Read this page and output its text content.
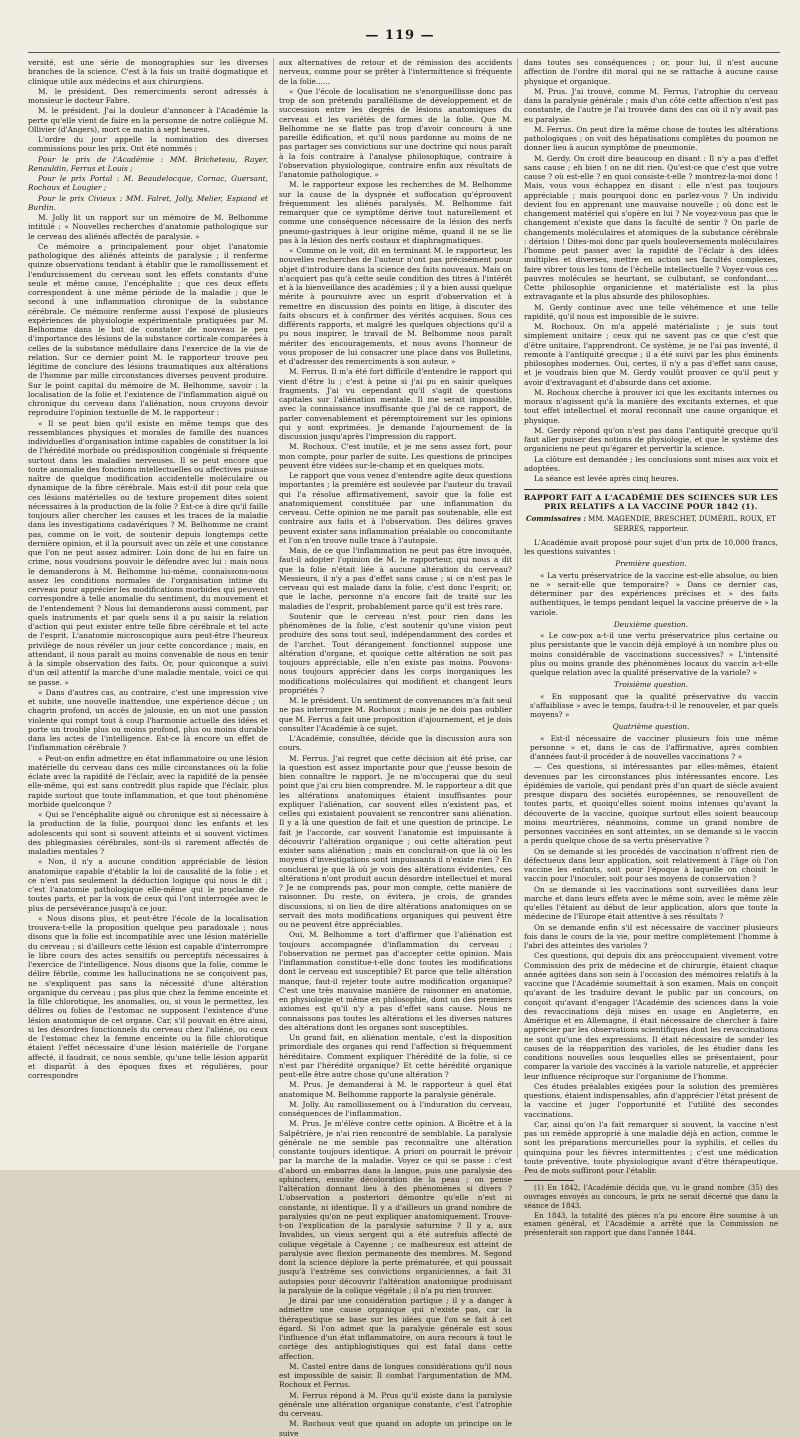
— 119 —

versité, est une série de monographies sur les diverses branches de la science. C'est à la fois un traité dogmatique et clinique utile aux médecins et aux chirurgiens.

M. le président. Des remerciments seront adressés à monsieur le docteur Fabre.

M. le président. J'ai la douleur d'annoncer à l'Académie la perte qu'elle vient de faire en la personne de notre collègue M. Ollivier (d'Angers), mort ce matin à sept heures.

L'ordre du jour appelle la nomination des diverses commissions pour les prix. Ont été nommés :

Pour le prix de l'Académie : MM. Bricheteau, Rayer, Renauldin, Ferrus et Louis ;

Pour le prix Portal : M. Beaudelocque, Cornac, Guersant, Rochoux et Lougier ;

Pour le prix Civieux : MM. Falret, Jolly, Melier, Espiand et Burdin.

M. Jolly lit un rapport sur un mémoire de M. Belhomme intitulé : « Nouvelles recherches d'anatomie pathologique sur le cerveau des aliénés affectés de paralysie. »

Ce mémoire a principalement pour objet l'anatomie pathologique des aliénés atteints de paralysie ; il renferme quinze observations tendant à établir que le ramollissement et l'endurcissement du cerveau sont les effets constants d'une seule et même cause, l'encéphalite ; que ces deux effets correspondent à une même période de la maladie ; que le second à une inflammation chronique de la substance cérébrale. Ce mémoire renferme aussi l'exposé de plusieurs expériences de physiologie expérimentale pratiquées par M. Belhomme dans le but de constater de nouveau le peu d'importance des lésions de la substance corticale comparées à celles de la substance médullaire dans l'exercice de la vie de relation. Sur ce dernier point M. le rapporteur trouve peu légitime de conclure des lésions traumatiques aux altérations de l'homme par mille circonstances diverses peuvent produire. Sur le point capital du mémoire de M. Belhomme, savoir : la localisation de la folie et l'existence de l'inflammation aiguë ou chronique du cerveau dans l'aliénation, nous croyons devoir reproduire l'opinion textuelle de M. le rapporteur :

« Il se peut bien qu'il existe en même temps que des ressemblances physiques et morales de famille des nuances individuelles d'organisation intime capables de constituer la loi de l'hérédité morbide ou prédisposition congéniale si fréquente surtout dans les maladies nerveuses. Il se peut encore que toute anomalie des fonctions intellectuelles ou affectives puisse naître de quelque modification accidentelle moléculaire ou dynamique de la fibre cérébrale. Mais est-il dit pour cela que ces lésions matérielles ou de texture propement dites soient nécessaires à la production de la folie ? Est-ce à dire qu'il faille toujours aller chercher les causes et les traces de la maladie dans les investigations cadavériques ? M. Belhomme ne craint pas, comme on le voit, de soutenir depuis longtemps cette dernière opinion, et il la poursuit avec un zèle et une constance que l'on ne peut assez admirer. Loin donc de lui en faire un crime, nous voudrions pouvoir le défendre avec lui : mais nous le demanderons à M. Belhomme lui-même, connaissons-nous assez les conditions normales de l'organisation intime du cerveau pour apprécier les modifications morbides qui peuvent correspondre à telle anomalie du sentiment, du mouvement et de l'entendement ? Nous lui demanderons aussi comment, par quels instruments et par quels sens il a pu saisir la relation d'action qui peut exister entre telle fibre cérébrale et tel acte de l'esprit. L'anatomie microscopique aura peut-être l'heureux privilège de nous révéler un jour cette concordance ; mais, en attendant, il nous paraît au moins convenable de nous en tenir à la simple observation des faits. Or, pour quiconque a suivi d'un œil attentif la marche d'une maladie mentale, voici ce qui se passe. »

« Dans d'autres cas, au contraire, c'est une impression vive et subite, une nouvelle inattendue, une expérience décue ; un chagrin profond, un accès de jalousie, en un mot une passion violente qui rompt tout à coup l'harmonie actuelle des idées et porte un trouble plus ou moins profond, plus ou moins durable dans les actes de l'intelligence. Est-ce là encore un effet de l'inflammation cérébrale ?

« Peut-on enfin admettre en état inflammatoire ou une lésion matérielle du cerveau dans ces mille circonstances où la folie éclate avec la rapidité de l'éclair, avec la rapidité de la pensée elle-même, qui est sans contredit plus rapide que l'éclair, plus rapide surtout que toute inflammation, et que tout phénomène morbide quelconque ?

« Qui se l'encéphalite aiguë ou chronique est si nécessaire à la production de la folie, pourquoi donc les enfants et les adolescents qui sont si souvent atteints et si souvent victimes des phlegmasies cérébrales, sont-ils si rarement affectés de maladies mentales ?

« Non, il n'y a aucune condition appréciable de lésion anatomique capable d'établir la loi de causalité de la folie ; et ce n'est pas seulement la déduction logique qui nous le dit ; c'est l'anatomie pathologique elle-même qui le proclame de toutes parts, et par la voix de ceux qui l'ont interrogée avec le plus de persévérance jusqu'à ce jour.

« Nous disons plus, et peut-être l'école de la localisation trouvera-t-elle la proposition quelque peu paradoxale ; nous disons que la folie est incompatible avec une lésion matérielle du cerveau ; si d'ailleurs cette lésion est capable d'interrompre le libre cours des actes sensitifs ou perceptifs nécessaires à l'exercice de l'intelligence. Nous disons que la folie, comme le délire fébrile, comme les hallucinations ne se conçoivent pas, ne s'expliquent pas sans la nécessité d'une altération organique du cerveau ; pas plus que chez la femme enceinte et la fille chlorotique, les anomalies, ou, si vous le permettez, les délires ou folies de l'estomac ne supposent l'existence d'une lésion anatomique de cet organe. Car, s'il pouvait en être ainsi, si les désordres fonctionnels du cerveau chez l'aliéné, ou ceux de l'estomac chez la femme enceinte ou la fille chlorotique étaient l'effet nécessaire d'une lésion matérielle de l'organe affecté, il faudrait, ce nous semble, qu'une telle lésion apparût et disparût à des époques fixes et régulières, pour correspondre

aux alternatives de retour et de rémission des accidents nerveux, comme pour se prêter à l'intermittence si fréquente de la folie......

« Que l'école de localisation ne s'enorgueillisse donc pas trop de son prétendu parallélisme de développement et de succession entre les degrés de lésions anatomiques du cerveau et les variétés de formes de la folie. Que M. Belhomme ne se flatte pas trop d'avoir concouru à une pareille édification, et qu'il nous pardonne au moins de ne pas partager ses convictions sur une doctrine qui nous paraît à la fois contraire à l'analyse philosophique, contraire à l'observation physiologique, contraire enfin aux résultats de l'anatomie pathologique. »

M. le rapporteur expose les recherches de M. Belhomme sur la cause de la dyspnée et suffocation qu'éprouvent fréquemment les aliénés paralysés. M. Belhomme fait remarquer que ce symptôme dérive tout naturellement et comme une conséquence nécessaire de la lésion des nerfs pneumo-gastriques à leur origine même, quand il ne se lie pas à la lésion des nerfs costaux et diaphragmatiques.

« Comme on le voit, dit en terminant M. le rapporteur, les nouvelles recherches de l'auteur n'ont pas précisément pour objet d'introduire dans la science des faits nouveaux. Mais on n'acquiert pas qu'à cette seule condition des titres à l'intérêt et à la bienveillance des académies ; il y a bien aussi quelque mérite à poursuivre avec un esprit d'observation et à remettre en discussion des points en litige, à discuter des faits obscurs et à confirmer des vérités acquises. Sous ces différents rapports, et malgré les quelques objections qu'il a pu nous inspirer, le travail de M. Belhomme nous paraît mériter des encouragements, et nous avons l'honneur de vous proposer de lui consacrer une place dans vos Bulletins, et d'adresser des remerciments à son auteur. »

M. Ferrus. Il m'a été fort difficile d'entendre le rapport qui vient d'être lu ; c'est à peine si j'ai pu en saisir quelques fragments. J'ai vu cependant qu'il s'agit de questions capitales sur l'aliénation mentale. Il me serait impossible, avec la connaissance insuffisante que j'ai de ce rapport, de parler convenablement et péremptoirement sur les opinions qui y sont exprimées. Je demande l'ajournement de la discussion jusqu'après l'impression du rapport.

M. Rochoux. C'est inutile, et je me sens assez fort, pour mon compte, pour parler de suite. Les questions de principes peuvent être vidées sur-le-champ et en quelques mots.

Le rapport que vous venez d'entendre agite deux questions importantes ; la première est soulevée par l'auteur du travail qui l'a résolue affirmativement, savoir que la folie est anatomiquement constituée par une inflammation du cerveau. Cette opinion ne me paraît pas soutenable, elle est contraire aux faits et à l'observation. Des délires graves peuvent exister sans inflammation préalable ou concomitante et l'on n'en trouve nulle trace à l'autopsie.

Mais, de ce que l'inflammation ne peut pas être invoquée, faut-il adopter l'opinion de M. le rapporteur, qui nous a dit que la folie n'était liée à aucune altération du cerveau? Messieurs, il n'y a pas d'effet sans cause ; si ce n'est pas le cerveau qui est malade dans la folie, c'est donc l'esprit; or, que le lache, personne n'a encore fait de traité sur les maladies de l'esprit, probablement parce qu'il est très rare.

Soutenir que le cerveau n'est pour rien dans les phénomènes de la folie, c'est soutenir qu'une vision peut produire des sons tout seul, indépendamment des cordes et de l'archet. Tout dérangement fonctionnel suppose une altération d'organe, et quoique cette altération ne soit pas toujours appréciable, elle n'en existe pas moins. Pouvons-nous toujours apprécier dans les corps inorganiques les modifications moléculaires qui modifient et changent leurs propriétés ?

M. le président. Un sentiment de convenances m'a fait seul ne pas interrompre M. Rochoux ; mais je ne dois pas oublier que M. Ferrus a fait une proposition d'ajournement, et je dois consulter l'Académie à ce sujet.

L'Académie, consultée, décide que la discussion aura son cours.

M. Ferrus. J'ai regret que cette décision ait été prise, car la question est assez importante pour que j'eusse besoin de bien connaître le rapport. Je ne m'occuperai que du seul point que j'ai cru bien comprendre. M. le rapporteur a dit que les altérations anatomiques étaient insuffisantes pour expliquer l'aliénation, car souvent elles n'existent pas, et celles qui existaient pouvaient se rencontrer sans aliénation. Il y a là une question de fait et une question de principe. Le fait je l'accorde, car souvent l'anatomie est impuissante à découvrir l'altération organique ; oui cette altération peut exister sans aliénation ; mais en conclurait-on que là où les moyens d'investigations sont impuissants il n'existe rien ? En concluerai je que là où je vois des altérations évidentes, ces altérations n'ont produit aucun désordre intellectuel et moral ? Je ne comprends pas, pour mon compte, cette manière de raisonner. Du reste, on évitera, je crois, de grandes discussions, si on lieu de dire altérations anatomiques on se servait des mots modifications organiques qui peuvent être ou ne peuvent être appréciables.

Oui, M. Belhomme a tort d'affirmer que l'aliénation est toujours accompagnée d'inflammation du cerveau ; l'observation ne permet pas d'accepter cette opinion. Mais l'inflammation constitue-t-elle donc toutes les modifications dont le cerveau est susceptible? Et parce que telle altération manque, faut-il rejeter toute autre modification organique? C'est une très mauvaise manière de raisonner en anatomie, en physiologie et même en philosophie, dont un des premiers axiomes est qu'il n'y a pas d'effet sans cause. Nous ne connaissons pas toutes les altérations et les diverses natures des altérations dont les organes sont susceptibles.

Un grand fait, en aliénation mentale, c'est la disposition primordiale des organes qui rend l'affection si fréquemment héréditaire. Comment expliquer l'hérédité de la folie, si ce n'est par l'hérédité organique? Et cette hérédité organique peut-elle être autre chose qu'une altération ?

M. Prus. Je demanderai à M. le rapporteur à quel état anatomique M. Belhomme rapporte la paralysie générale.

M. Jolly. Au ramollissement ou à l'induration du cerveau, conséquences de l'inflammation.

M. Prus. Je m'élève contre cette opinion. A Bicêtre et à la Salpêtrière, je n'ai rien rencontré de semblable. La paralysie générale ne me semble pas reconnaître une altération constante toujours identique. A priori on pourrait le prévoir par la marche de la maladie. Voyez ce qui se passe : c'est d'abord un embarras dans la langue, puis une paralysie des sphincters, ensuite décoloration de la peau ; on pense l'altération donnant lieu à des phénomènes si divers ? L'observation a posteriori démontre qu'elle n'est ni constante, ni identique. Il y a d'ailleurs un grand nombre de paralysies qu'on ne peut expliquer anatomiquement. Trouve-t-on l'explication de la paralysie saturnine ? Il y a, aux Invalides, un vieux sergent qui a été autrefois affecté de colique végétale à Cayenne ; ce malheureux est atteint de paralysie avec flexion permanente des membres. M. Segond dont la science déplore la perte prématurée, et qui poussait jusqu'à l'extrême ses convictions organiciennes, a fait 31 autopsies pour découvrir l'altération anatomique produisant la paralysie de la colique végétale ; il n'a pu rien trouver.

Je dirai par une considération partique ; il y a danger à admettre une cause organique qui n'existe pas, car la thérapeutique se base sur les idées que l'on se fait à cet égard. Si l'on admet que la paralysie générale est sous l'influence d'un état inflammatoire, on aura recours à tout le cortège des antiphlogistiques qui est fatal dans cette affection.

M. Castel entre dans de longues considérations qu'il nous est impossible de saisir. Il combat l'argumentation de MM. Rochoux et Ferrus.

M. Ferrus répond à M. Prus qu'il existe dans la paralysie générale une altération organique constante, c'est l'atrophie du cerveau.

M. Rochoux veut que quand on adopte un principe on le suive

dans toutes ses conséquences ; or, pour lui, il n'est aucune affection de l'ordre dit moral qui ne se rattache à aucune cause physique et organique.

M. Prus. J'ai trouvé, comme M. Ferrus, l'atrophie du cerveau dans la paralysie générale ; mais d'un côté cette affection n'est pas constante, de l'autre je l'ai trouvée dans des cas où il n'y avait pas eu paralysie.

M. Ferrus. On peut dire la même chose de toutes les altérations pathologiques ; on voit des hépatisations complètes du poumon ne donner lieu à aucun symptôme de pneumonie.

M. Gerdy. On croit dire beaucoup en disant : Il n'y a pas d'effet sans cause ; eh bien ! on ne dit rien. Qu'est-ce que c'est que votre cause ? où est-elle ? en quoi consiste-t-elle ? montrez-la-moi donc ! Mais, vous vous échappez en disant : elle n'est pas toujours appréciable ; mais pourquoi donc en parlez-vous ? Un individu devient fou en apprenant une mauvaise nouvelle ; où donc est le changement matériel qui s'opère en lui ? Ne voyez-vous pas que le changement n'existe que dans la faculté de sentir ? On parle de changements moléculaires et atomiques de la substance cérébrale : dérision ! Dites-moi donc par quels bouleversements moléculaires l'homme peut passer avec la rapidité de l'éclair à des idées multiples et diverses, mettre en action ses facultés complexes, faire vibrer tous les tons de l'échelle intellectuelle ? Voyez-vous ces pauvres molécules se heurtant, se culbutant, se confondant..... Cette philosophie organicienne et matérialiste est la plus extravagante et la plus absurde des philosophies.

M. Gerdy continue avec une telle véhémence et une telle rapidité, qu'il nous est impossible de le suivre.

M. Rochoux. On m'a appelé matérialiste ; je suis tout simplement unitaire ; ceux qui ne savent pas ce que c'est que d'être unitaire, l'apprendront. Ce système, je ne l'ai pas inventé, il remonte à l'antiquité grecque ; il a été suivi par les plus éminents philosophes modernes. Oui, certes, il n'y a pas d'effet sans cause, et je voudrais bien que M. Gerdy voulût prouver ce qu'il peut y avoir d'extravagant et d'absurde dans cet axiome.

M. Rochoux cherche à prouver ici que les excitants internes ou moraux n'agissent qu'à la manière des excitants externes, et que tout effet intellectuel et moral reconnaît une cause organique et physique.

M. Gerdy répond qu'on n'est pas dans l'antiquité grecque qu'il faut aller puiser des notions de physiologie, et que le système des organiciens ne peut qu'égarer et pervertir la science.

La clôture est demandée ; les conclusions sont mises aux voix et adoptées.

La séance est levée après cinq heures.

RAPPORT FAIT A L'ACADÉMIE DES SCIENCES SUR LES PRIX RELATIFS A LA VACCINE POUR 1842 (1).
Commissaires : MM. MAGENDIE, BRESCHET, DUMÉRIL, ROUX, ET SERRES, rapporteur.

L'Académie avait proposé pour sujet d'un prix de 10,000 francs, les questions suivantes :

Première question.

« La vertu préservatrice de la vaccine est-elle absolue, ou bien ne » serait-elle que temporaire? » Dans ce dernier cas, déterminer par des expériences précises et » des faits authentiques, le temps pendant lequel la vaccine préserve de » la variole.

Deuxième question.

« Le cow-pox a-t-il une vertu préservatrice plus certaine ou plus persistante que le vaccin déjà employé à un nombre plus ou moins considérable de vaccinations successives? » L'intensité plus ou moins grande des phénomènes locaux du vaccin a-t-elle quelque relation avec la qualité préservative de la variole? »

Troisième question.

« En supposant que la qualité préservative du vaccin s'affaiblisse » avec le temps, faudra-t-il le renouveler, et par quels moyens? »

Quatrième question.

« Est-il nécessaire de vacciner plusieurs fois une même personne » et, dans le cas de l'affirmative, après combien d'années faut-il procéder à de nouvelles vaccinations ? »

— Ces questions, si intéressantes par elles-mêmes, étaient devenues par les circonstances plus intéressantes encore. Les épidémies de variole, qui pendant près d'un quart de siècle avaient presque disparu des sociétés européennes, se renouvellent de toutes parts, et quoiqu'elles soient moins intenses qu'avant la découverte de la vaccine, quoique surtout elles soient beaucoup moins meurtrières, néanmoins, comme un grand nombre de personnes vaccinées en sont atteintes, on se demande si le vaccin a perdu quelque chose de sa vertu préservative ?

On se demande si les procédés de vaccination n'offrent rien de défectueux dans leur application, soit relativement à l'âge où l'on vaccine les enfants, soit pour l'époque à laquelle on choisit le vaccin pour l'inoculer, soit pour ses moyens de conservation ?

On se demande si les vaccinations sont surveillées dans leur marche et dans leurs effets avec le même soin, avec le même zèle qu'elles l'étaient au début de leur application, alors que toute la médecine de l'Europe était attentive à ses résultats ?

On se demande enfin s'il est nécessaire de vacciner plusieurs fois dans le cours de la vie, pour mettre complètement l'homme à l'abri des atteintes des varioles ?

Ces questions, qui depuis dix ans préoccupaient vivement votre Commission des prix de médecine et de chirurgie, étaient chaque année agitées dans son sein à l'occasion des mémoires relatifs à la vaccine que l'Académie soumettait à son examen. Mais on conçoit qu'avant de les traduire devant le public par un concours, on conçoit qu'avant d'engager l'Académie des sciences dans la voie des revaccinations déjà mises en usage en Angleterre, en Amérique et en Allemagne, il était nécessaire de chercher à faire apprécier par les observations scientifiques dont les revaccinations ne sont qu'une des expressions. Il était nécessaire de sonder les causes de la réapparition des varioles, de les étudier dans les conditions nouvelles sous lesquelles elles se présentaient, pour comparer la variole des vaccinés à la variole naturelle, et apprécier leur influence réciproque sur l'organisme de l'homme.

Ces études préalables exigées pour la solution des premières questions, étaient indispensables, afin d'apprécier l'état présent de la vaccine et juger l'opportunité et l'utilité des secondes vaccinations.

Car, ainsi qu'on l'a fait remarquer si souvent, la vaccine n'est pas un remède approprié à une maladie déjà en action, comme le sont les préparations mercurielles pour la syphilis, et celles du quinquina pour les fièvres intermittentes ; c'est une médication toute préventive, toute physiologique avant d'être thérapeutique. Peu de mots suffiront pour l'établir.

(1) En 1842, l'Académie décida que, vu le grand nombre (35) des ouvrages envoyés au concours, le prix ne serait décerné que dans la séance de 1843.

En 1843, la totalité des pièces n'a pu encore être soumise à un examen général, et l'Académie a arrêté que la Commission ne présenterait son rapport que dans l'année 1844.
